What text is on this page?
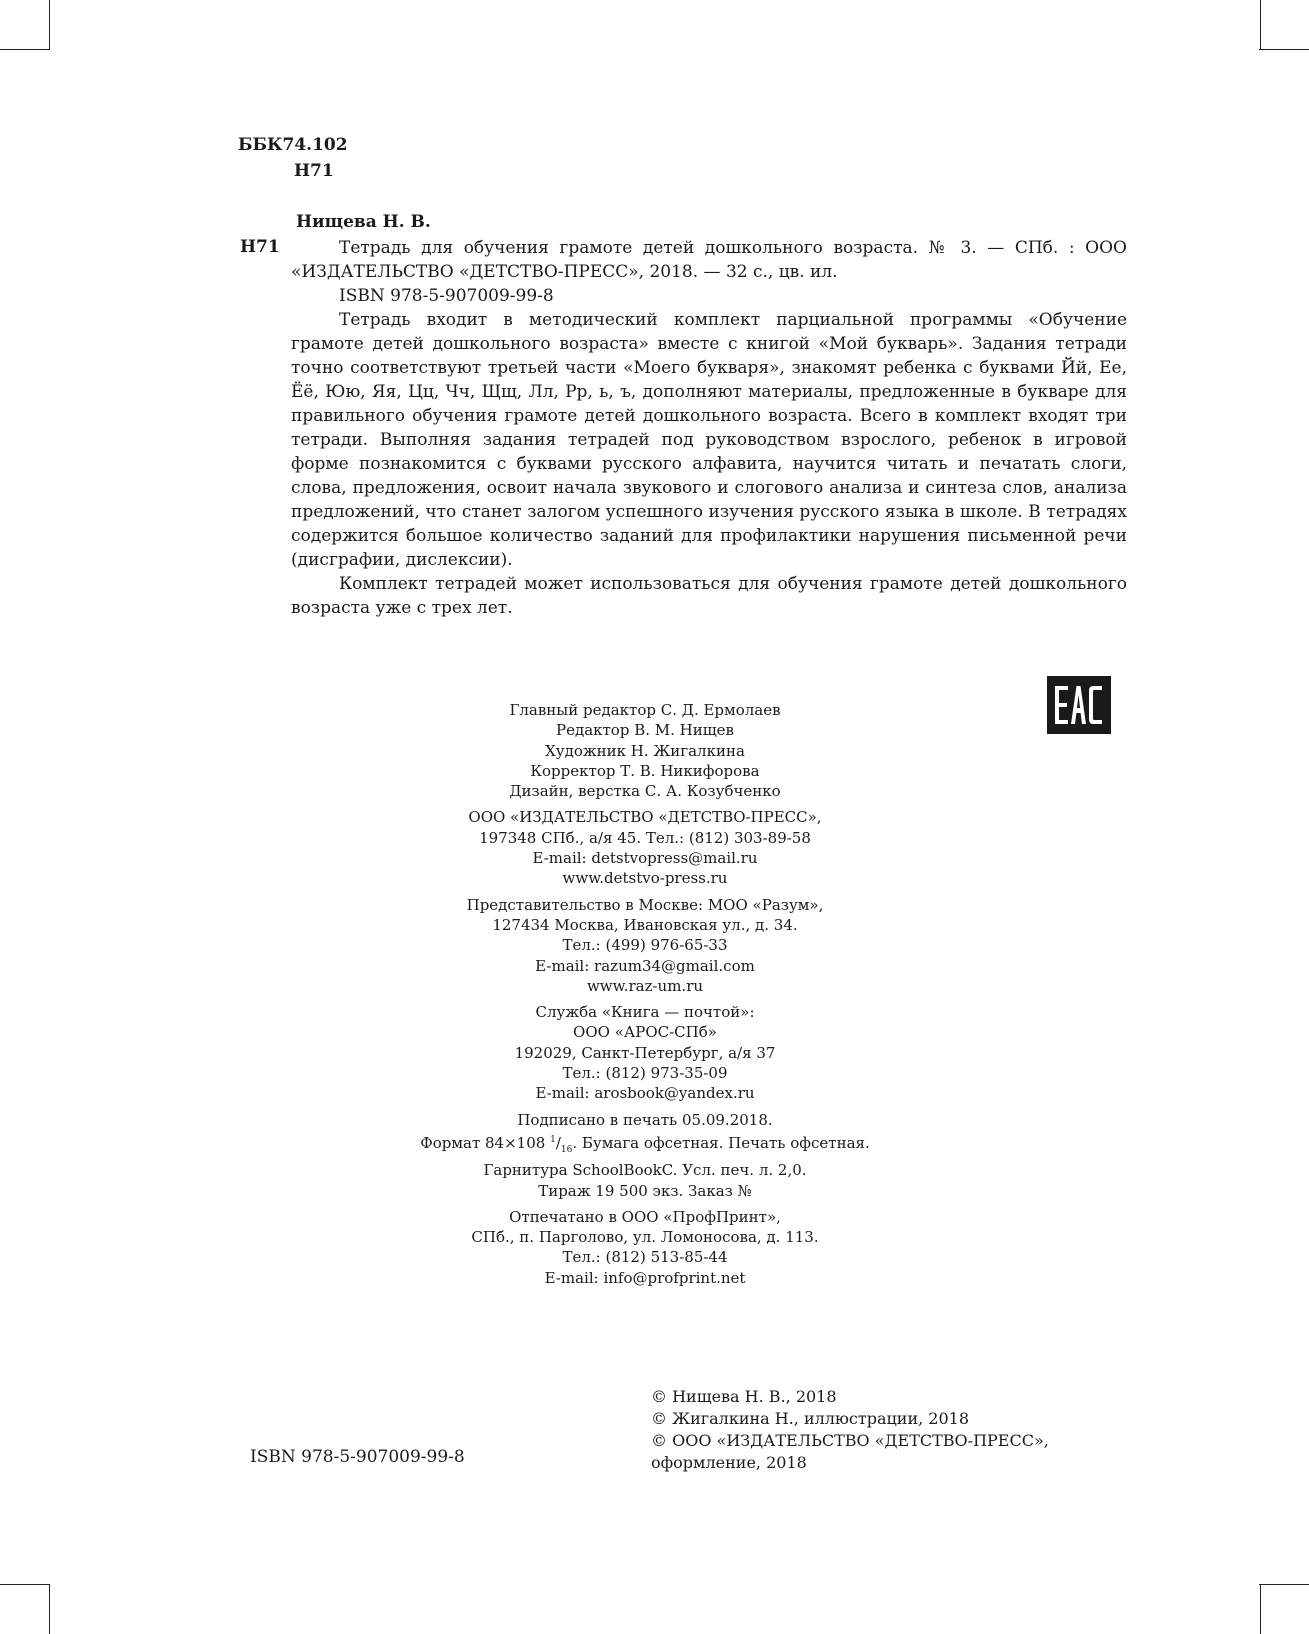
ББК74.102
Н71
Нищева Н. В.
Н71	Тетрадь для обучения грамоте детей дошкольного возраста. № 3. — СПб. : ООО «ИЗДАТЕЛЬСТВО «ДЕТСТВО-ПРЕСС», 2018. — 32 с., цв. ил.

ISBN 978-5-907009-99-8

Тетрадь входит в методический комплект парциальной программы «Обучение грамоте детей дошкольного возраста» вместе с книгой «Мой букварь». Задания тетради точно соответствуют третьей части «Моего букваря», знакомят ребенка с буквами Йй, Ее, Ёё, Юю, Яя, Цц, Чч, Щщ, Лл, Рр, ь, ъ, дополняют материалы, предложенные в букваре для правильного обучения грамоте детей дошкольного возраста. Всего в комплект входят три тетради. Выполняя задания тетрадей под руководством взрослого, ребенок в игровой форме познакомится с буквами русского алфавита, научится читать и печатать слоги, слова, предложения, освоит начала звукового и слогового анализа и синтеза слов, анализа предложений, что станет залогом успешного изучения русского языка в школе. В тетрадях содержится большое количество заданий для профилактики нарушения письменной речи (дисграфии, дислексии).

Комплект тетрадей может использоваться для обучения грамоте детей дошкольного возраста уже с трех лет.

Главный редактор С. Д. Ермолаев
Редактор В. М. Нищев
Художник Н. Жигалкина
Корректор Т. В. Никифорова
Дизайн, верстка С. А. Козубченко
ООО «ИЗДАТЕЛЬСТВО «ДЕТСТВО-ПРЕСС»,
197348 СПб., а/я 45. Тел.: (812) 303-89-58
E-mail: detstvopress@mail.ru
www.detstvo-press.ru
Представительство в Москве: МОО «Разум»,
127434 Москва, Ивановская ул., д. 34.
Тел.: (499) 976-65-33
E-mail: razum34@gmail.com
www.raz-um.ru
Служба «Книга — почтой»:
ООО «АРОС-СПб»
192029, Санкт-Петербург, а/я 37
Тел.: (812) 973-35-09
E-mail: arosbook@yandex.ru
Подписано в печать 05.09.2018.
Формат 84×108 $^1/_{16}$. Бумага офсетная. Печать офсетная.
Гарнитура SchoolBookC. Усл. печ. л. 2,0.
Тираж 19 500 экз. Заказ №
Отпечатано в ООО «ПрофПринт»,
СПб., п. Парголово, ул. Ломоносова, д. 113.
Тел.: (812) 513-85-44
E-mail: info@profprint.net
ISBN 978-5-907009-99-8
© Нищева Н. В., 2018
© Жигалкина Н., иллюстрации, 2018
© ООО «ИЗДАТЕЛЬСТВО «ДЕТСТВО-ПРЕСС»,
оформление, 2018
